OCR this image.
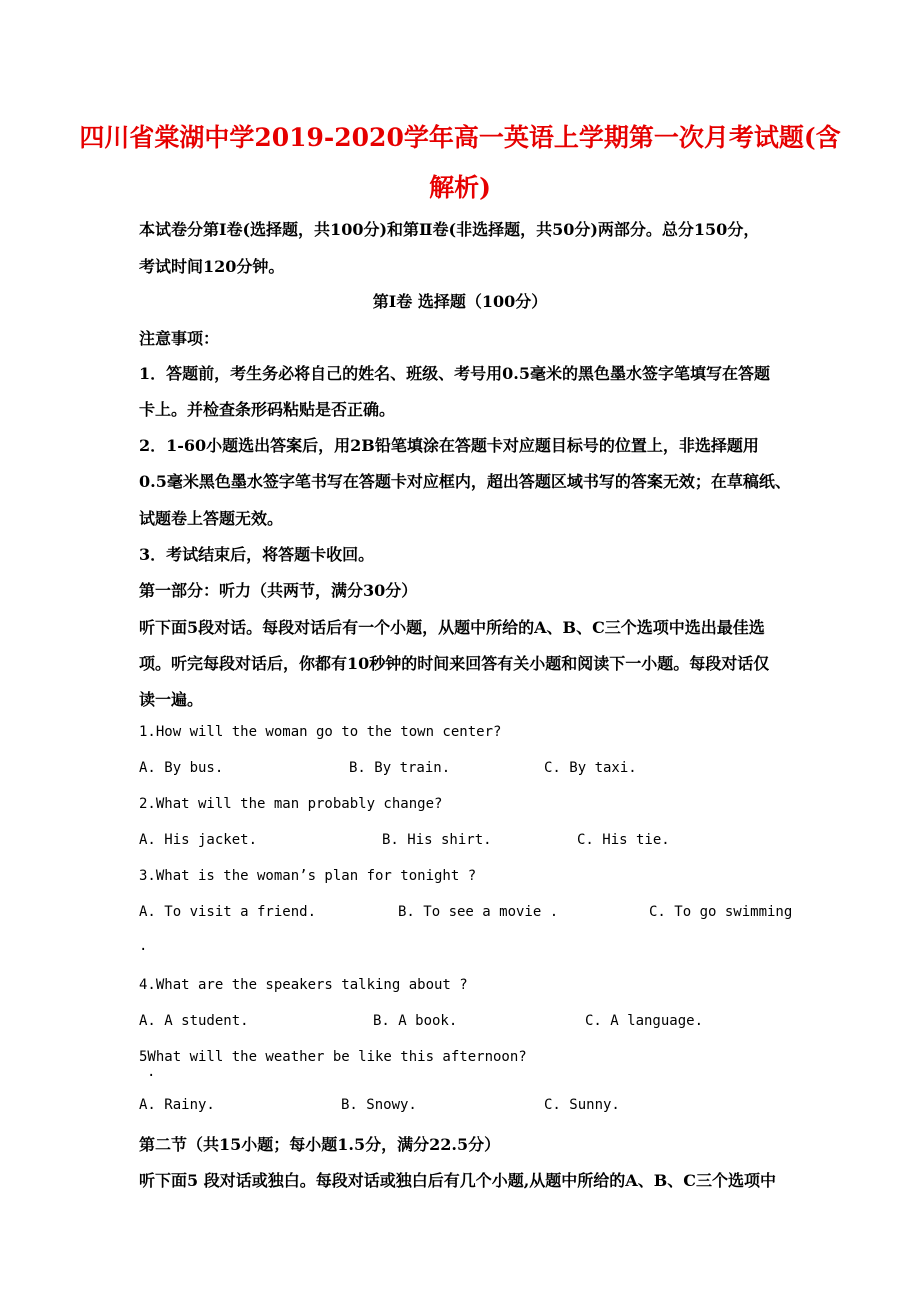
四川省棠湖中学2019-2020学年高一英语上学期第一次月考试题(含
解析)
本试卷分第Ⅰ卷(选择题，共100分)和第Ⅱ卷(非选择题，共50分)两部分。总分150分，
考试时间120分钟。
第Ⅰ卷 选择题（100分）
注意事项：
1．答题前，考生务必将自己的姓名、班级、考号用0.5毫米的黑色墨水签字笔填写在答题
卡上。并检查条形码粘贴是否正确。
2．1-60小题选出答案后，用2B铅笔填涂在答题卡对应题目标号的位置上，非选择题用
0.5毫米黑色墨水签字笔书写在答题卡对应框内，超出答题区域书写的答案无效；在草稿纸、
试题卷上答题无效。
3．考试结束后，将答题卡收回。
第一部分：听力（共两节，满分30分）
听下面5段对话。每段对话后有一个小题，从题中所给的A、B、C三个选项中选出最佳选
项。听完每段对话后，你都有10秒钟的时间来回答有关小题和阅读下一小题。每段对话仅
读一遍。
1.How will the woman go to the town center?
A. By bus.	B. By train.	C. By taxi.
2.What will the man probably change?
A. His jacket.	B. His shirt.	C. His tie.
3.What is the woman’s plan for tonight ?
A. To visit a friend.	B. To see a movie .	C. To go swimming
.
4.What are the speakers talking about ?
A. A student.	B. A book.	C. A language.
5What will the weather be like this afternoon?
.
A. Rainy.	B. Snowy.	C. Sunny.
第二节（共15小题；每小题1.5分，满分22.5分）
听下面5 段对话或独白。每段对话或独白后有几个小题,从题中所给的A、B、C三个选项中
